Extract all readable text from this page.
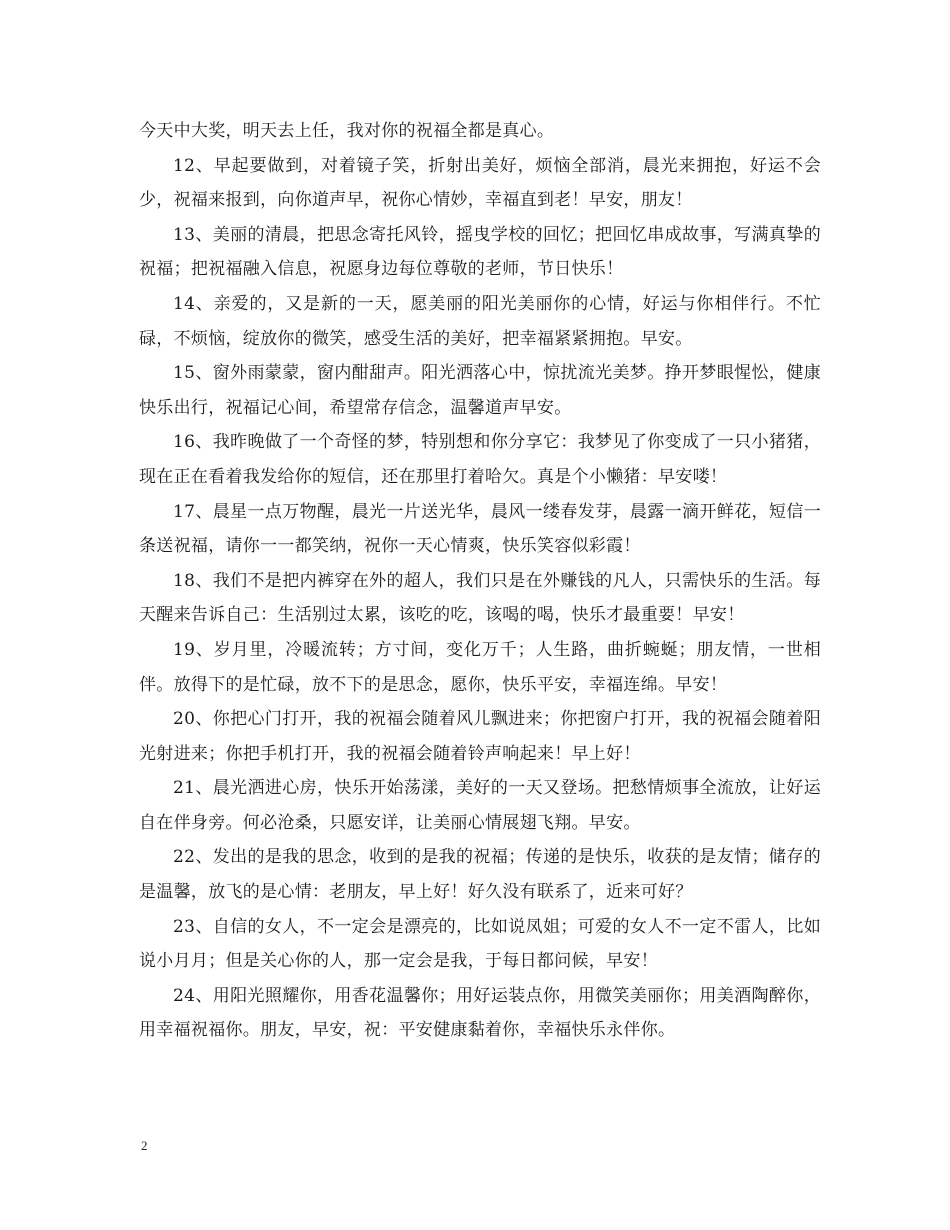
今天中大奖，明天去上任，我对你的祝福全都是真心。

12、早起要做到，对着镜子笑，折射出美好，烦恼全部消，晨光来拥抱，好运不会少，祝福来报到，向你道声早，祝你心情妙，幸福直到老！早安，朋友！

13、美丽的清晨，把思念寄托风铃，摇曳学校的回忆；把回忆串成故事，写满真挚的祝福；把祝福融入信息，祝愿身边每位尊敬的老师，节日快乐！

14、亲爱的，又是新的一天，愿美丽的阳光美丽你的心情，好运与你相伴行。不忙碌，不烦恼，绽放你的微笑，感受生活的美好，把幸福紧紧拥抱。早安。

15、窗外雨蒙蒙，窗内酣甜声。阳光洒落心中，惊扰流光美梦。挣开梦眼惺忪，健康快乐出行，祝福记心间，希望常存信念，温馨道声早安。

16、我昨晚做了一个奇怪的梦，特别想和你分享它：我梦见了你变成了一只小猪猪，现在正在看着我发给你的短信，还在那里打着哈欠。真是个小懒猪：早安喽！

17、晨星一点万物醒，晨光一片送光华，晨风一缕春发芽，晨露一滴开鲜花，短信一条送祝福，请你一一都笑纳，祝你一天心情爽，快乐笑容似彩霞！

18、我们不是把内裤穿在外的超人，我们只是在外赚钱的凡人，只需快乐的生活。每天醒来告诉自己：生活别过太累，该吃的吃，该喝的喝，快乐才最重要！早安！

19、岁月里，冷暖流转；方寸间，变化万千；人生路，曲折蜿蜒；朋友情，一世相伴。放得下的是忙碌，放不下的是思念，愿你，快乐平安，幸福连绵。早安！

20、你把心门打开，我的祝福会随着风儿飘进来；你把窗户打开，我的祝福会随着阳光射进来；你把手机打开，我的祝福会随着铃声响起来！早上好！

21、晨光洒进心房，快乐开始荡漾，美好的一天又登场。把愁情烦事全流放，让好运自在伴身旁。何必沧桑，只愿安详，让美丽心情展翅飞翔。早安。

22、发出的是我的思念，收到的是我的祝福；传递的是快乐，收获的是友情；储存的是温馨，放飞的是心情：老朋友，早上好！好久没有联系了，近来可好？

23、自信的女人，不一定会是漂亮的，比如说凤姐；可爱的女人不一定不雷人，比如说小月月；但是关心你的人，那一定会是我，于每日都问候，早安！

24、用阳光照耀你，用香花温馨你；用好运装点你，用微笑美丽你；用美酒陶醉你，用幸福祝福你。朋友，早安，祝：平安健康黏着你，幸福快乐永伴你。

2
